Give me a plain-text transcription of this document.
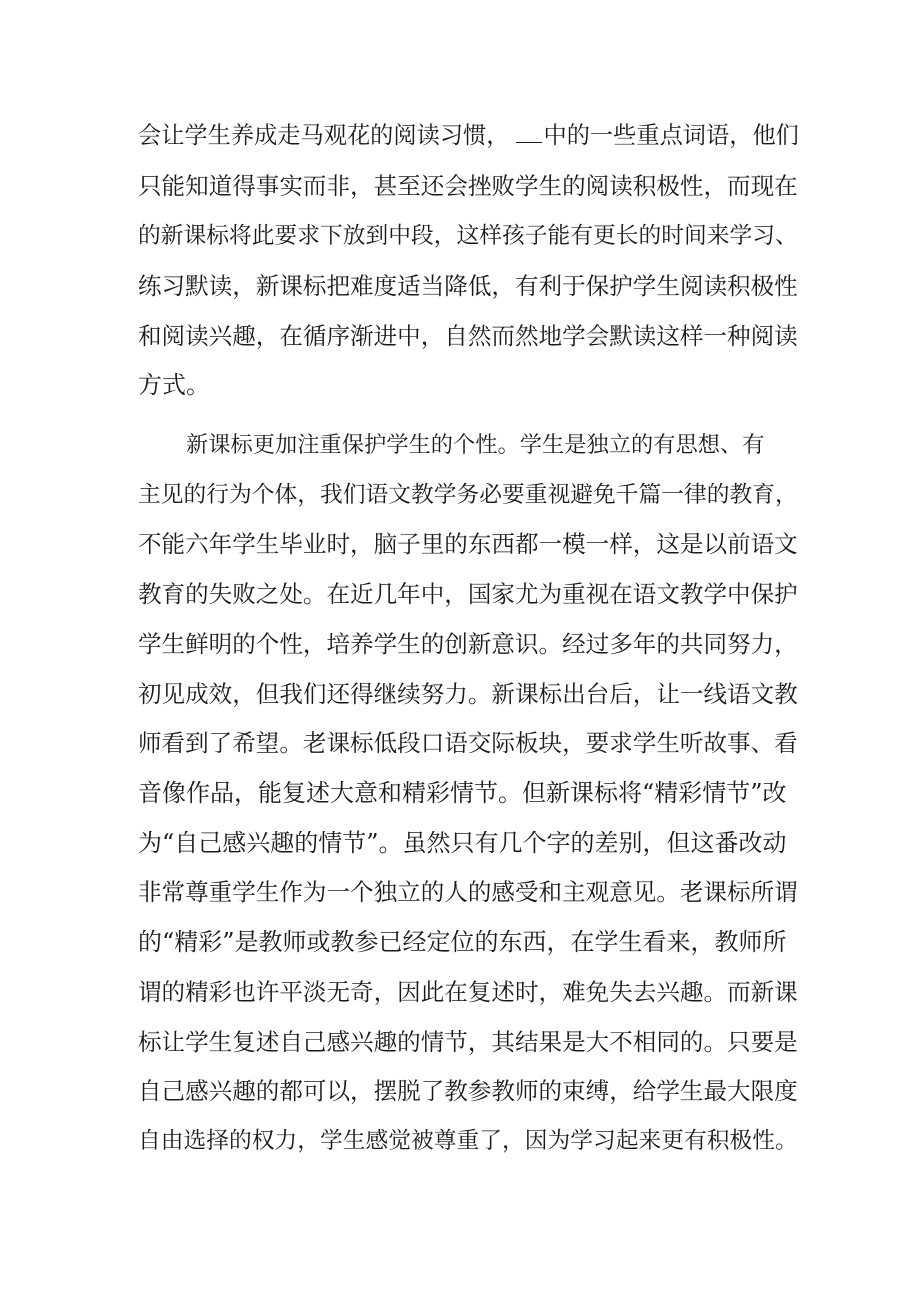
会让学生养成走马观花的阅读习惯， 中的一些重点词语，他们
只能知道得事实而非，甚至还会挫败学生的阅读积极性，而现在
的新课标将此要求下放到中段，这样孩子能有更长的时间来学习、
练习默读，新课标把难度适当降低，有利于保护学生阅读积极性
和阅读兴趣，在循序渐进中，自然而然地学会默读这样一种阅读
方式。
新课标更加注重保护学生的个性。学生是独立的有思想、有
主见的行为个体，我们语文教学务必要重视避免千篇一律的教育，
不能六年学生毕业时，脑子里的东西都一模一样，这是以前语文
教育的失败之处。在近几年中，国家尤为重视在语文教学中保护
学生鲜明的个性，培养学生的创新意识。经过多年的共同努力，
初见成效，但我们还得继续努力。新课标出台后，让一线语文教
师看到了希望。老课标低段口语交际板块，要求学生听故事、看
音像作品，能复述大意和精彩情节。但新课标将“精彩情节”改
为“自己感兴趣的情节”。虽然只有几个字的差别，但这番改动
非常尊重学生作为一个独立的人的感受和主观意见。老课标所谓
的“精彩”是教师或教参已经定位的东西，在学生看来，教师所
谓的精彩也许平淡无奇，因此在复述时，难免失去兴趣。而新课
标让学生复述自己感兴趣的情节，其结果是大不相同的。只要是
自己感兴趣的都可以，摆脱了教参教师的束缚，给学生最大限度
自由选择的权力，学生感觉被尊重了，因为学习起来更有积极性。
